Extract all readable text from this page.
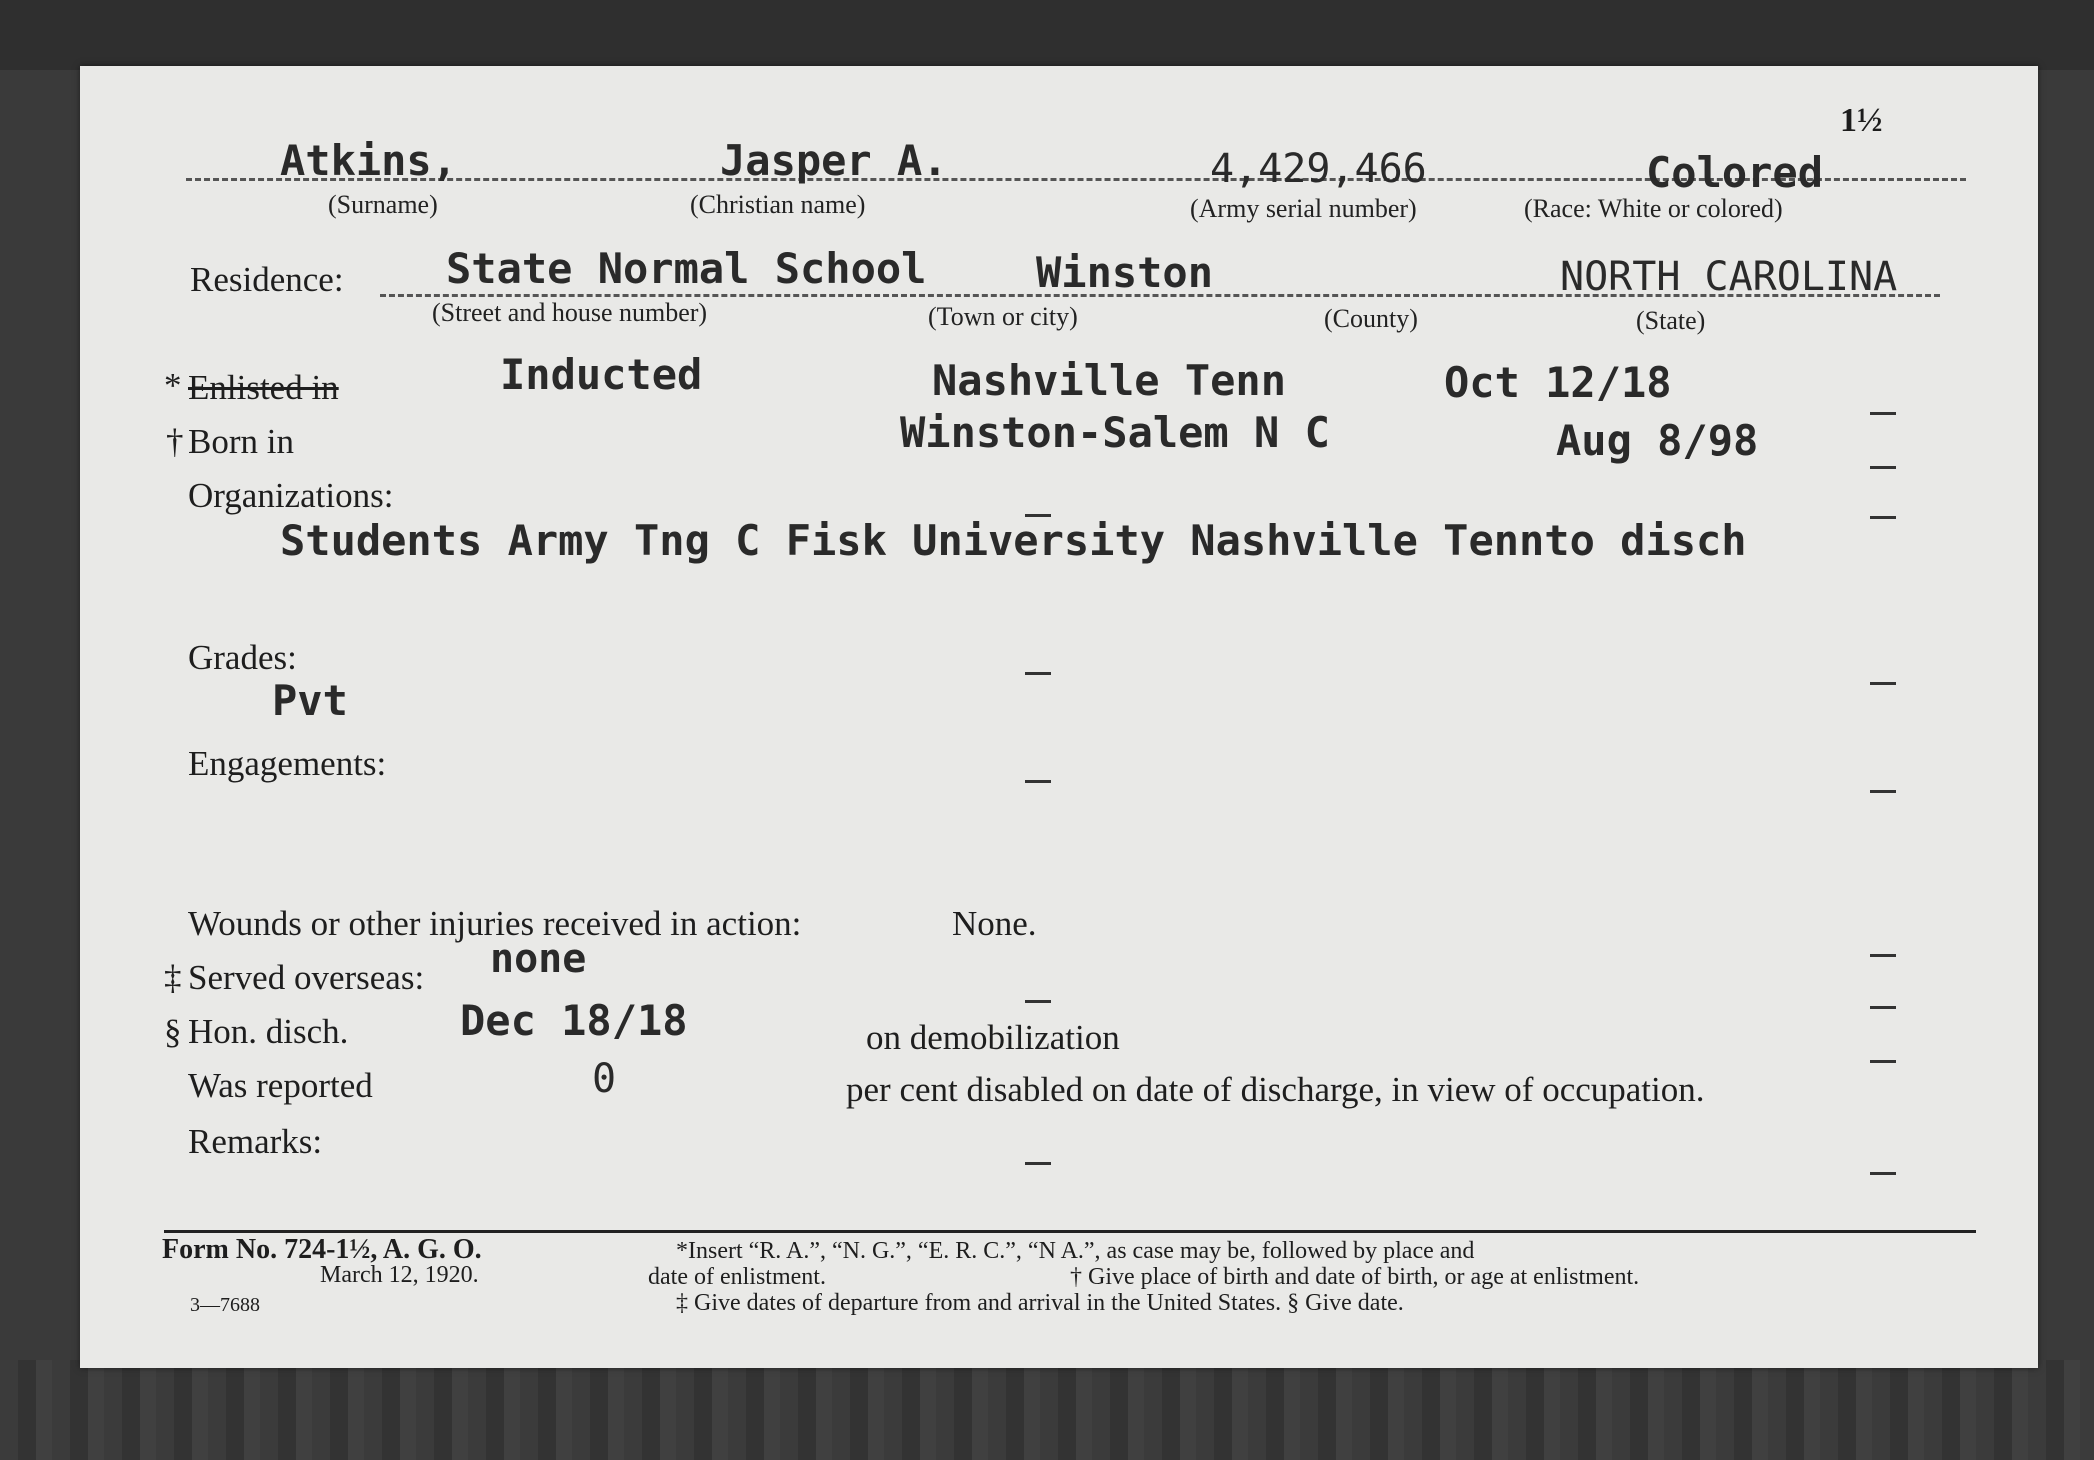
1½
Atkins,	Jasper A.	4,429,466	Colored
(Surname)	(Christian name)	(Army serial number)	(Race: White or colored)
Residence: State Normal School	Winston	NORTH CAROLINA
(Street and house number)	(Town or city)	(County)	(State)
* Enlisted in	Inducted	Nashville Tenn	Oct 12/18
† Born in	Winston-Salem N C	Aug 8/98
Organizations:
Students Army Tng C Fisk University Nashville Tennto disch
Grades:
Pvt
Engagements:
Wounds or other injuries received in action:	None.
‡ Served overseas: none
§ Hon. disch.	Dec 18/18	on demobilization
Was reported	0	per cent disabled on date of discharge, in view of occupation.
Remarks:
Form No. 724-1½, A. G. O.
March 12, 1920.
3—7688
*Insert “R. A.”, “N. G.”, “E. R. C.”, “N A.”, as case may be, followed by place and
date of enlistment.	† Give place of birth and date of birth, or age at enlistment.
‡ Give dates of departure from and arrival in the United States. § Give date.
